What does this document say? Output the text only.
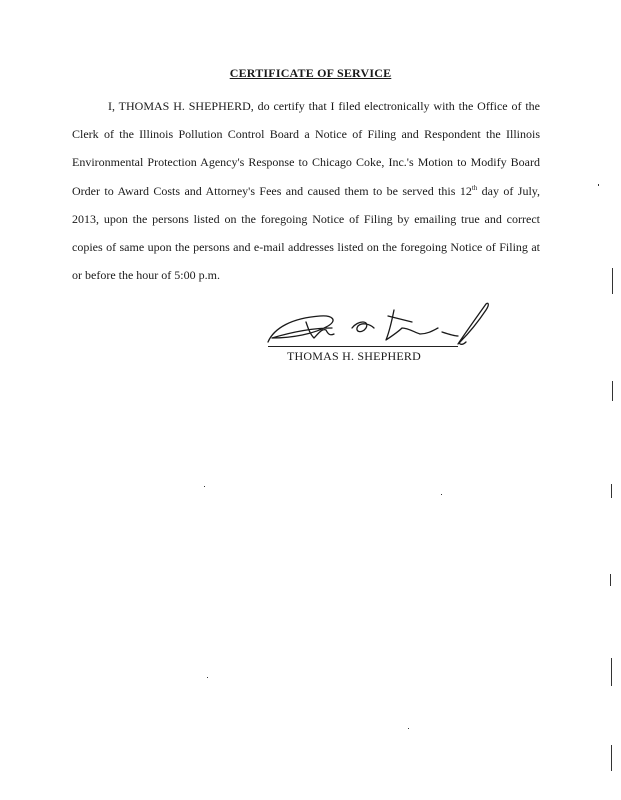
CERTIFICATE OF SERVICE

I, THOMAS H. SHEPHERD, do certify that I filed electronically with the Office of the Clerk of the Illinois Pollution Control Board a Notice of Filing and Respondent the Illinois Environmental Protection Agency's Response to Chicago Coke, Inc.'s Motion to Modify Board Order to Award Costs and Attorney's Fees and caused them to be served this 12th day of July, 2013, upon the persons listed on the foregoing Notice of Filing by emailing true and correct copies of same upon the persons and e-mail addresses listed on the foregoing Notice of Filing at or before the hour of 5:00 p.m.

THOMAS H. SHEPHERD
